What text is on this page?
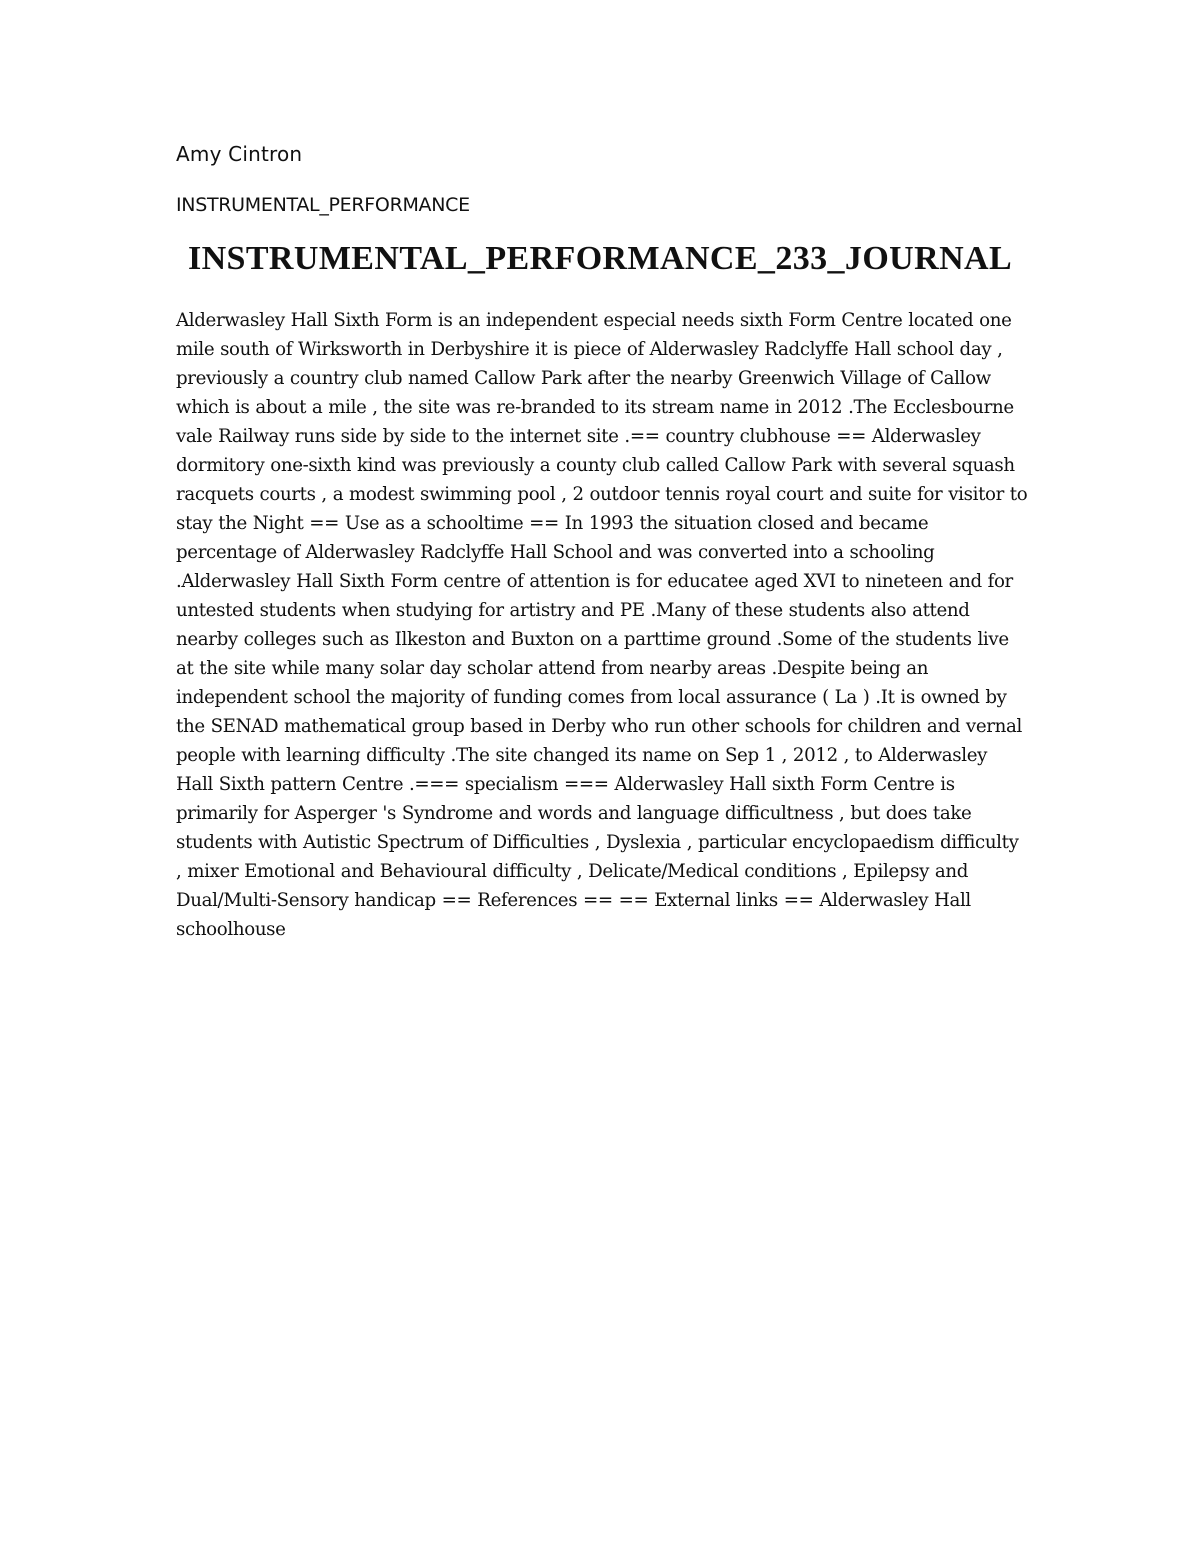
Amy Cintron

INSTRUMENTAL_PERFORMANCE

INSTRUMENTAL_PERFORMANCE_233_JOURNAL

Alderwasley Hall Sixth Form is an independent especial needs sixth Form Centre located one mile south of Wirksworth in Derbyshire it is piece of Alderwasley Radclyffe Hall school day , previously a country club named Callow Park after the nearby Greenwich Village of Callow which is about a mile , the site was re-branded to its stream name in 2012 .The Ecclesbourne vale Railway runs side by side to the internet site .== country clubhouse == Alderwasley dormitory one-sixth kind was previously a county club called Callow Park with several squash racquets courts , a modest swimming pool , 2 outdoor tennis royal court and suite for visitor to stay the Night == Use as a schooltime == In 1993 the situation closed and became percentage of Alderwasley Radclyffe Hall School and was converted into a schooling .Alderwasley Hall Sixth Form centre of attention is for educatee aged XVI to nineteen and for untested students when studying for artistry and PE .Many of these students also attend nearby colleges such as Ilkeston and Buxton on a parttime ground .Some of the students live at the site while many solar day scholar attend from nearby areas .Despite being an independent school the majority of funding comes from local assurance ( La ) .It is owned by the SENAD mathematical group based in Derby who run other schools for children and vernal people with learning difficulty .The site changed its name on Sep 1 , 2012 , to Alderwasley Hall Sixth pattern Centre .=== specialism === Alderwasley Hall sixth Form Centre is primarily for Asperger 's Syndrome and words and language difficultness , but does take students with Autistic Spectrum of Difficulties , Dyslexia , particular encyclopaedism difficulty , mixer Emotional and Behavioural difficulty , Delicate/Medical conditions , Epilepsy and Dual/Multi-Sensory handicap == References == == External links == Alderwasley Hall schoolhouse
